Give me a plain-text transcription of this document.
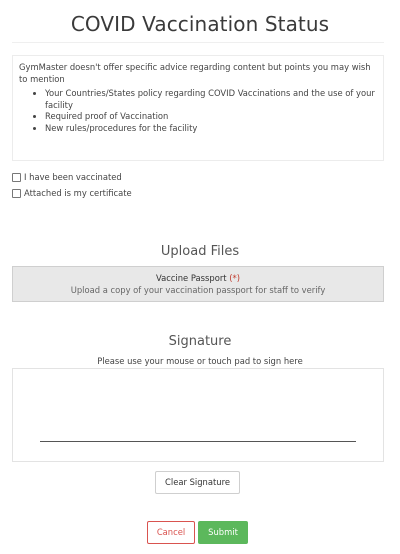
COVID Vaccination Status

GymMaster doesn't offer specific advice regarding content but points you may wish to mention

• Your Countries/States policy regarding COVID Vaccinations and the use of your facility
• Required proof of Vaccination
• New rules/procedures for the facility
I have been vaccinated
Attached is my certificate
Upload Files
Vaccine Passport (*)
Upload a copy of your vaccination passport for staff to verify
Signature
Please use your mouse or touch pad to sign here
Clear Signature
Cancel	Submit
